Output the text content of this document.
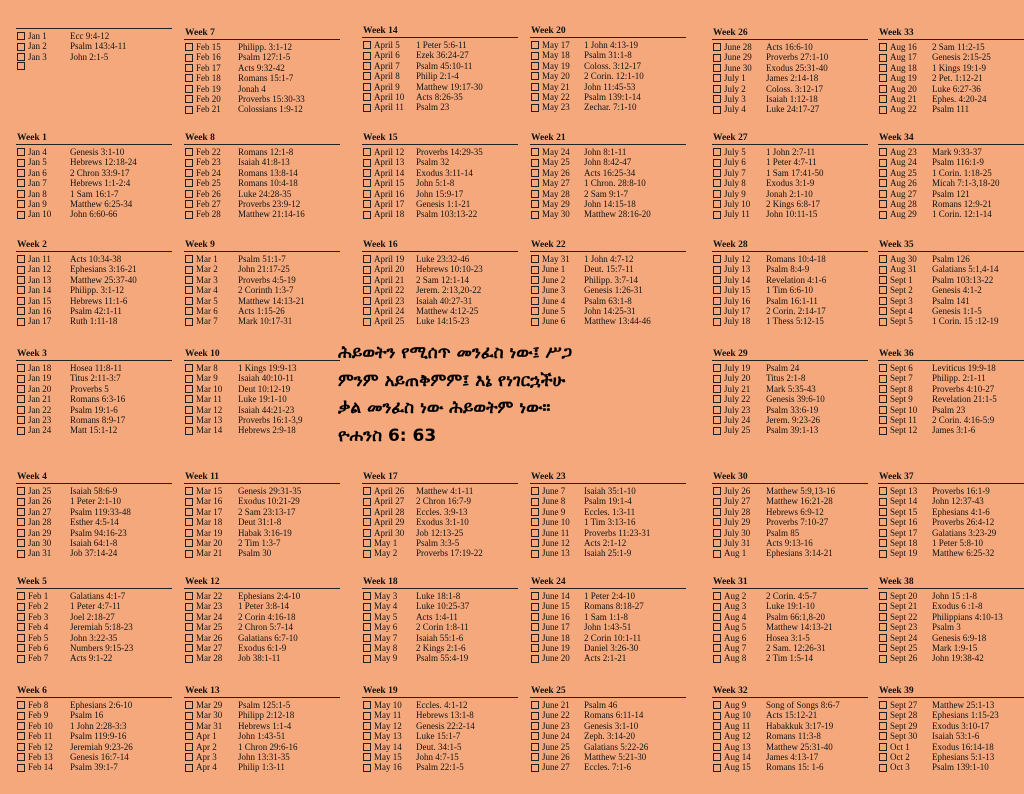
Jan 1	Ecc 9:4-12
Jan 2	Psalm 143:4-11
Jan 3	John 2:1-5
Week 1
Jan 4	Genesis 3:1-10
Jan 5	Hebrews 12:18-24
Jan 6	2 Chron 33:9-17
Jan 7	Hebrews 1:1-2:4
Jan 8	1 Sam 16:1-7
Jan 9	Matthew 6:25-34
Jan 10	John 6:60-66
Week 2
Jan 11	Acts 10:34-38
Jan 12	Ephesians 3:16-21
Jan 13	Matthew 25:37-40
Jan 14	Philipp. 3:1-12
Jan 15	Hebrews 11:1-6
Jan 16	Psalm 42:1-11
Jan 17	Ruth 1:11-18
Week 3
Jan 18	Hosea 11:8-11
Jan 19	Titus 2:11-3:7
Jan 20	Proverbs 5
Jan 21	Romans 6:3-16
Jan 22	Psalm 19:1-6
Jan 23	Romans 8:9-17
Jan 24	Matt 15:1-12
Week 4
Jan 25	Isaiah 58:6-9
Jan 26	1 Peter 2:1-10
Jan 27	Psalm 119:33-48
Jan 28	Esther 4:5-14
Jan 29	Psalm 94:16-23
Jan 30	Isaiah 64:1-8
Jan 31	Job 37:14-24
Week 5
Feb 1	Galatians 4:1-7
Feb 2	1 Peter 4:7-11
Feb 3	Joel 2:18-27
Feb 4	Jeremiah 5:18-23
Feb 5	John 3:22-35
Feb 6	Numbers 9:15-23
Feb 7	Acts 9:1-22
Week 6
Feb 8	Ephesians 2:6-10
Feb 9	Psalm 16
Feb 10	1 John 2:28-3:3
Feb 11	Psalm 119:9-16
Feb 12	Jeremiah 9:23-26
Feb 13	Genesis 16:7-14
Feb 14	Psalm 39:1-7
Week 7
Feb 15	Philipp. 3:1-12
Feb 16	Psalm 127:1-5
Feb 17	Acts 9:32-42
Feb 18	Romans 15:1-7
Feb 19	Jonah 4
Feb 20	Proverbs 15:30-33
Feb 21	Colossians 1:9-12
Week 8
Feb 22	Romans 12:1-8
Feb 23	Isaiah 41:8-13
Feb 24	Romans 13:8-14
Feb 25	Romans 10:4-18
Feb 26	Luke 24:28-35
Feb 27	Proverbs 23:9-12
Feb 28	Matthew 21:14-16
Week 9
Mar 1	Psalm 51:1-7
Mar 2	John 21:17-25
Mar 3	Proverbs 4:5-19
Mar 4	2 Corinth 1:3-7
Mar 5	Matthew 14:13-21
Mar 6	Acts 1:15-26
Mar 7	Mark 10:17-31
Week 10
Mar 8	1 Kings 19:9-13
Mar 9	Isaiah 40:10-11
Mar 10	Deut 10:12-19
Mar 11	Luke 19:1-10
Mar 12	Isaiah 44:21-23
Mar 13	Proverbs 16:1-3,9
Mar 14	Hebrews 2:9-18
Week 11
Mar 15	Genesis 29:31-35
Mar 16	Exodus 10:21-29
Mar 17	2 Sam 23:13-17
Mar 18	Deut 31:1-8
Mar 19	Habak 3:16-19
Mar 20	2 Tim 1:3-7
Mar 21	Psalm 30
Week 12
Mar 22	Ephesians 2:4-10
Mar 23	1 Peter 3:8-14
Mar 24	2 Corin 4:16-18
Mar 25	2 Chron 5:7-14
Mar 26	Galatians 6:7-10
Mar 27	Exodus 6:1-9
Mar 28	Job 38:1-11
Week 13
Mar 29	Psalm 125:1-5
Mar 30	Philipp 2:12-18
Mar 31	Hebrews 1:1-4
Apr 1	John 1:43-51
Apr 2	1 Chron 29:6-16
Apr 3	John 13:31-35
Apr 4	Philip 1:3-11
Week 14
April 5	1 Peter 5:6-11
April 6	Ezek 36:24-27
April 7	Psalm 45:10-11
April 8	Philip 2:1-4
April 9	Matthew 19:17-30
April 10	Acts 8:26-35
April 11	Psalm 23
Week 15
April 12	Proverbs 14:29-35
April 13	Psalm 32
April 14	Exodus 3:11-14
April 15	John 5:1-8
April 16	John 15:9-17
April 17	Genesis 1:1-21
April 18	Psalm 103:13-22
Week 16
April 19	Luke 23:32-46
April 20	Hebrews 10:10-23
April 21	2 Sam 12:1-14
April 22	Jerem. 2:13,20-22
April 23	Isaiah 40:27-31
April 24	Matthew 4:12-25
April 25	Luke 14:15-23
Week 17
April 26	Matthew 4:1-11
April 27	2 Chron 16:7-9
April 28	Eccles. 3:9-13
April 29	Exodus 3:1-10
April 30	Job 12:13-25
May 1	Psalm 3:3-5
May 2	Proverbs 17:19-22
Week 18
May 3	Luke 18:1-8
May 4	Luke 10:25-37
May 5	Acts 1:4-11
May 6	2 Corin 1:8-11
May 7	Isaiah 55:1-6
May 8	2 Kings 2:1-6
May 9	Psalm 55:4-19
Week 19
May 10	Eccles. 4:1-12
May 11	Hebrews 13:1-8
May 12	Genesis 22:2-14
May 13	Luke 15:1-7
May 14	Deut. 34:1-5
May 15	John 4:7-15
May 16	Psalm 22:1-5
Week 20
May 17	1 John 4:13-19
May 18	Psalm 31:1-8
May 19	Coloss. 3:12-17
May 20	2 Corin. 12:1-10
May 21	John 11:45-53
May 22	Psalm 139:1-14
May 23	Zechar. 7:1-10
Week 21
May 24	John 8:1-11
May 25	John 8:42-47
May 26	Acts 16:25-34
May 27	1 Chron. 28:8-10
May 28	2 Sam 9:1-7
May 29	John 14:15-18
May 30	Matthew 28:16-20
Week 22
May 31	1 John 4:7-12
June 1	Deut. 15:7-11
June 2	Philipp. 3:7-14
June 3	Genesis 1:26-31
June 4	Psalm 63:1-8
June 5	John 14:25-31
June 6	Matthew 13:44-46
Week 23
June 7	Isaiah 35:1-10
June 8	Psalm 19:1-4
June 9	Eccles. 1:3-11
June 10	1 Tim 3:13-16
June 11	Proverbs 11:23-31
June 12	Acts 2:1-12
June 13	Isaiah 25:1-9
Week 24
June 14	1 Peter 2:4-10
June 15	Romans 8:18-27
June 16	1 Sam 1:1-8
June 17	John 1:43-51
June 18	2 Corin 10:1-11
June 19	Daniel 3:26-30
June 20	Acts 2:1-21
Week 25
June 21	Psalm 46
June 22	Romans 6:11-14
June 23	Genesis 3:1-10
June 24	Zeph. 3:14-20
June 25	Galatians 5:22-26
June 26	Matthew 5:21-30
June 27	Eccles. 7:1-6
Week 26
June 28	Acts 16:6-10
June 29	Proverbs 27:1-10
June 30	Exodus 25:31-40
July 1	James 2:14-18
July 2	Coloss. 3:12-17
July 3	Isaiah 1:12-18
July 4	Luke 24:17-27
Week 27
July 5	1 John 2:7-11
July 6	1 Peter 4:7-11
July 7	1 Sam 17:41-50
July 8	Exodus 3:1-9
July 9	Jonah 2:1-10
July 10	2 Kings 6:8-17
July 11	John 10:11-15
Week 28
July 12	Romans 10:4-18
July 13	Psalm 8:4-9
July 14	Revelation 4:1-6
July 15	1 Tim 6:6-10
July 16	Psalm 16:1-11
July 17	2 Corin. 2:14-17
July 18	1 Thess 5:12-15
Week 29
July 19	Psalm 24
July 20	Titus 2:1-8
July 21	Mark 5:35-43
July 22	Genesis 39:6-10
July 23	Psalm 33:6-19
July 24	Jerem. 9:23-26
July 25	Psalm 39:1-13
Week 30
July 26	Matthew 5:9,13-16
July 27	Matthew 16:21-28
July 28	Hebrews 6:9-12
July 29	Proverbs 7:10-27
July 30	Psalm 85
July 31	Acts 9:13-16
Aug 1	Ephesians 3:14-21
Week 31
Aug 2	2 Corin. 4:5-7
Aug 3	Luke 19:1-10
Aug 4	Psalm 66:1,8-20
Aug 5	Matthew 14:13-21
Aug 6	Hosea 3:1-5
Aug 7	2 Sam. 12:26-31
Aug 8	2 Tim 1:5-14
Week 32
Aug 9	Song of Songs 8:6-7
Aug 10	Acts 15:12-21
Aug 11	Habakkuk 3:17-19
Aug 12	Romans 11:3-8
Aug 13	Matthew 25:31-40
Aug 14	James 4:13-17
Aug 15	Romans 15: 1-6
Week 33
Aug 16	2 Sam 11:2-15
Aug 17	Genesis 2:15-25
Aug 18	1 Kings 19:1-9
Aug 19	2 Pet. 1:12-21
Aug 20	Luke 6:27-36
Aug 21	Ephes. 4:20-24
Aug 22	Psalm 111
Week 34
Aug 23	Mark 9:33-37
Aug 24	Psalm 116:1-9
Aug 25	1 Corin. 1:18-25
Aug 26	Micah 7:1-3,18-20
Aug 27	Psalm 121
Aug 28	Romans 12:9-21
Aug 29	1 Corin. 12:1-14
Week 35
Aug 30	Psalm 126
Aug 31	Galatians 5:1,4-14
Sept 1	Psalm 103:13-22
Sept 2	Genesis 4:1-2
Sept 3	Psalm 141
Sept 4	Genesis 1:1-5
Sept 5	1 Corin. 15 :12-19
Week 36
Sept 6	Leviticus 19:9-18
Sept 7	Philipp. 2:1-11
Sept 8	Proverbs 4:10-27
Sept 9	Revelation 21:1-5
Sept 10	Psalm 23
Sept 11	2 Corin. 4:16-5:9
Sept 12	James 3:1-6
Week 37
Sept 13	Proverbs 16:1-9
Sept 14	John 12:37-43
Sept 15	Ephesians 4:1-6
Sept 16	Proverbs 26:4-12
Sept 17	Galatians 3:23-29
Sept 18	1 Peter 5:8-10
Sept 19	Matthew 6:25-32
Week 38
Sept 20	John 15 :1-8
Sept 21	Exodus 6 :1-8
Sept 22	Philippians 4:10-13
Sept 23	Psalm 3
Sept 24	Genesis 6:9-18
Sept 25	Mark 1:9-15
Sept 26	John 19:38-42
Week 39
Sept 27	Matthew 25:1-13
Sept 28	Ephesians 1:15-23
Sept 29	Exodus 3:10-17
Sept 30	Isaiah 53:1-6
Oct 1	Exodus 16:14-18
Oct 2	Ephesians 5:1-13
Oct 3	Psalm 139:1-10
ሕይወትን የሚሰጥ መንፈስ ነው፤ ሥጋ
ምንም አይጠቅምም፤ እኔ የነገርኋችሁ
ቃል መንፈስ ነው ሕይወትም ነው።
ዮሐንስ 6: 63
